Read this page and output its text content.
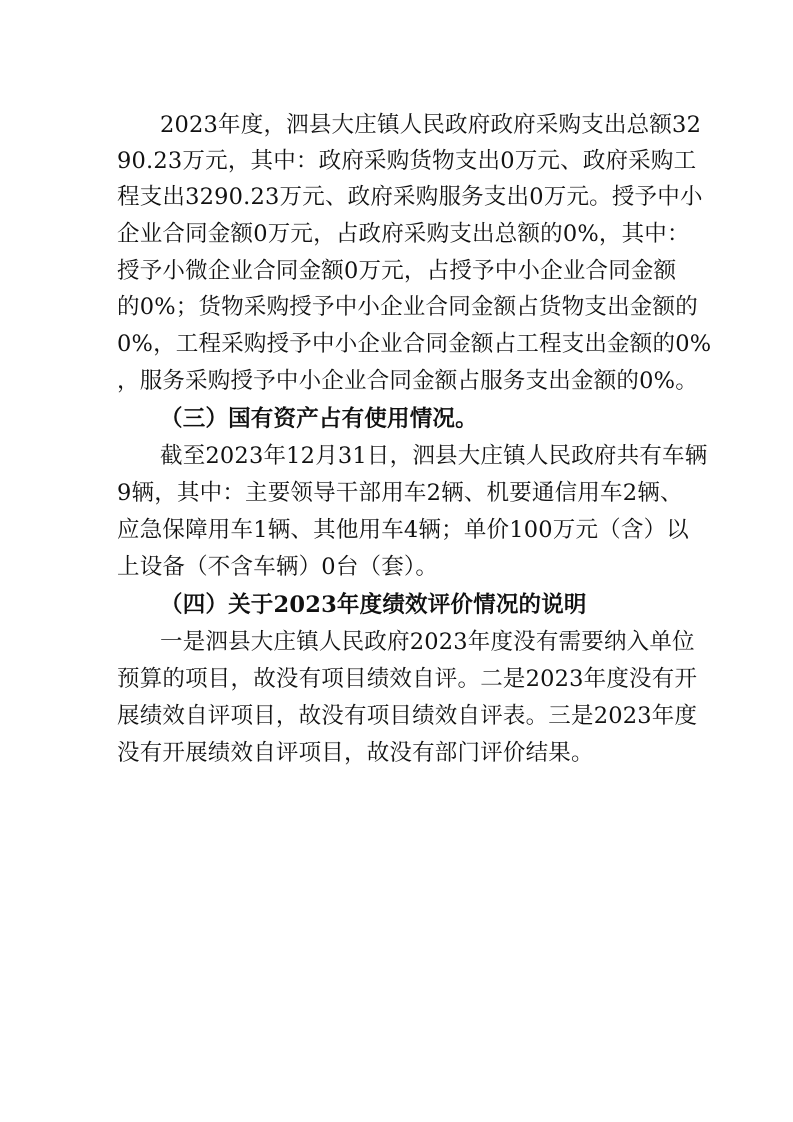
2023年度，泗县大庄镇人民政府政府采购支出总额32
90.23万元，其中：政府采购货物支出0万元、政府采购工
程支出3290.23万元、政府采购服务支出0万元。授予中小
企业合同金额0万元，占政府采购支出总额的0%，其中：
授予小微企业合同金额0万元，占授予中小企业合同金额
的0%；货物采购授予中小企业合同金额占货物支出金额的
0%，工程采购授予中小企业合同金额占工程支出金额的0%
，服务采购授予中小企业合同金额占服务支出金额的0%。
（三）国有资产占有使用情况。
截至2023年12月31日，泗县大庄镇人民政府共有车辆
9辆，其中：主要领导干部用车2辆、机要通信用车2辆、
应急保障用车1辆、其他用车4辆；单价100万元（含）以
上设备（不含车辆）0台（套）。
（四）关于2023年度绩效评价情况的说明
一是泗县大庄镇人民政府2023年度没有需要纳入单位
预算的项目，故没有项目绩效自评。二是2023年度没有开
展绩效自评项目，故没有项目绩效自评表。三是2023年度
没有开展绩效自评项目，故没有部门评价结果。
